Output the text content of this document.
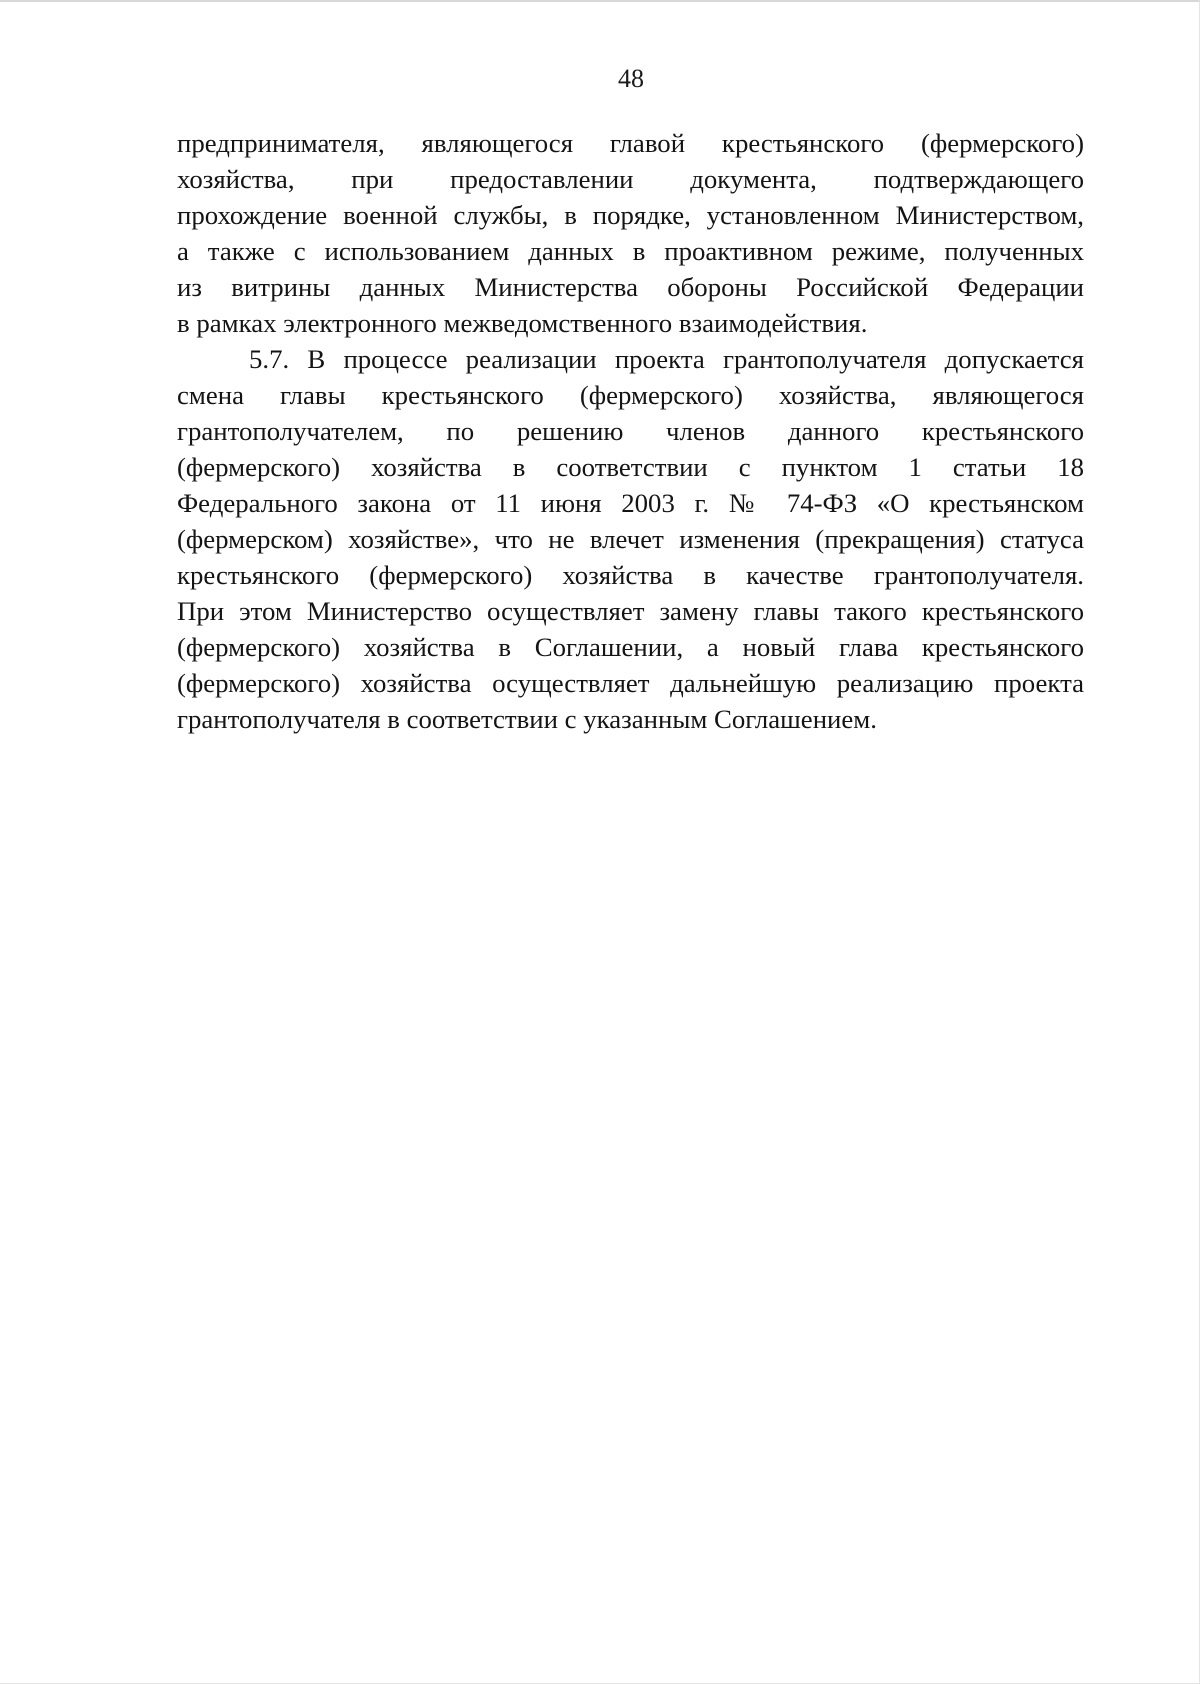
48
предпринимателя, являющегося главой крестьянского (фермерского)
хозяйства, при предоставлении документа, подтверждающего
прохождение военной службы, в порядке, установленном Министерством,
а также с использованием данных в проактивном режиме, полученных
из витрины данных Министерства обороны Российской Федерации
в рамках электронного межведомственного взаимодействия.
5.7. В процессе реализации проекта грантополучателя допускается
смена главы крестьянского (фермерского) хозяйства, являющегося
грантополучателем, по решению членов данного крестьянского
(фермерского) хозяйства в соответствии с пунктом 1 статьи 18
Федерального закона от 11 июня 2003 г. № 74-ФЗ «О крестьянском
(фермерском) хозяйстве», что не влечет изменения (прекращения) статуса
крестьянского (фермерского) хозяйства в качестве грантополучателя.
При этом Министерство осуществляет замену главы такого крестьянского
(фермерского) хозяйства в Соглашении, а новый глава крестьянского
(фермерского) хозяйства осуществляет дальнейшую реализацию проекта
грантополучателя в соответствии с указанным Соглашением.
